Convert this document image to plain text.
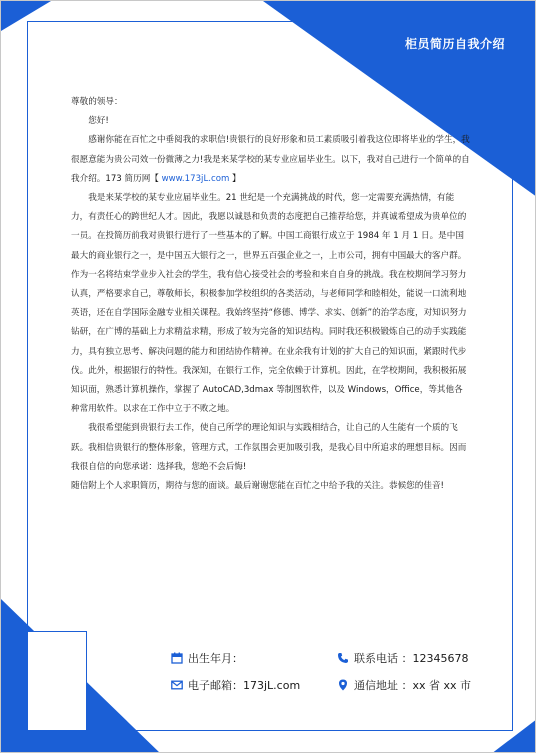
柜员简历自我介绍

尊敬的领导：

您好!

感谢你能在百忙之中垂阅我的求职信!贵银行的良好形象和员工素质吸引着我这位即将毕业的学生，我很愿意能为贵公司效一份微薄之力!我是来某学校的某专业应届毕业生。以下，我对自己进行一个简单的自我介绍。173 简历网【 www.173jL.com 】

我是来某学校的某专业应届毕业生。21 世纪是一个充满挑战的时代，您一定需要充满热情，有能力，有责任心的跨世纪人才。因此，我愿以诚恳和负责的态度把自己推荐给您，并真诚希望成为贵单位的一员。在投简历前我对贵银行进行了一些基本的了解。中国工商银行成立于 1984 年 1 月 1 日。是中国最大的商业银行之一，是中国五大银行之一，世界五百强企业之一，上市公司，拥有中国最大的客户群。作为一名将结束学业步入社会的学生，我有信心接受社会的考验和来自自身的挑战。我在校期间学习努力认真，严格要求自己，尊敬师长，积极参加学校组织的各类活动，与老师同学和睦相处，能说一口流利地英语，还在自学国际金融专业相关课程。我始终坚持“修德、博学、求实、创新”的治学态度，对知识努力钻研，在广博的基础上力求精益求精，形成了较为完备的知识结构。同时我还积极锻炼自己的动手实践能力，具有独立思考、解决问题的能力和团结协作精神。在业余我有计划的扩大自己的知识面，紧跟时代步伐。此外，根据银行的特性。我深知，在银行工作，完全依赖于计算机。因此，在学校期间，我积极拓展知识面，熟悉计算机操作，掌握了 AutoCAD,3dmax 等制图软件，以及 Windows，Office，等其他各种常用软件。以求在工作中立于不败之地。

我很希望能到贵银行去工作，使自己所学的理论知识与实践相结合，让自己的人生能有一个质的飞跃。我相信贵银行的整体形象，管理方式，工作氛围会更加吸引我，是我心目中所追求的理想目标。因而我很自信的向您承诺：选择我，您绝不会后悔!

随信附上个人求职简历，期待与您的面谈。最后谢谢您能在百忙之中给予我的关注。恭候您的佳音!

出生年月：	联系电话 ：12345678
电子邮箱：173jL.com	通信地址 ：xx 省 xx 市
